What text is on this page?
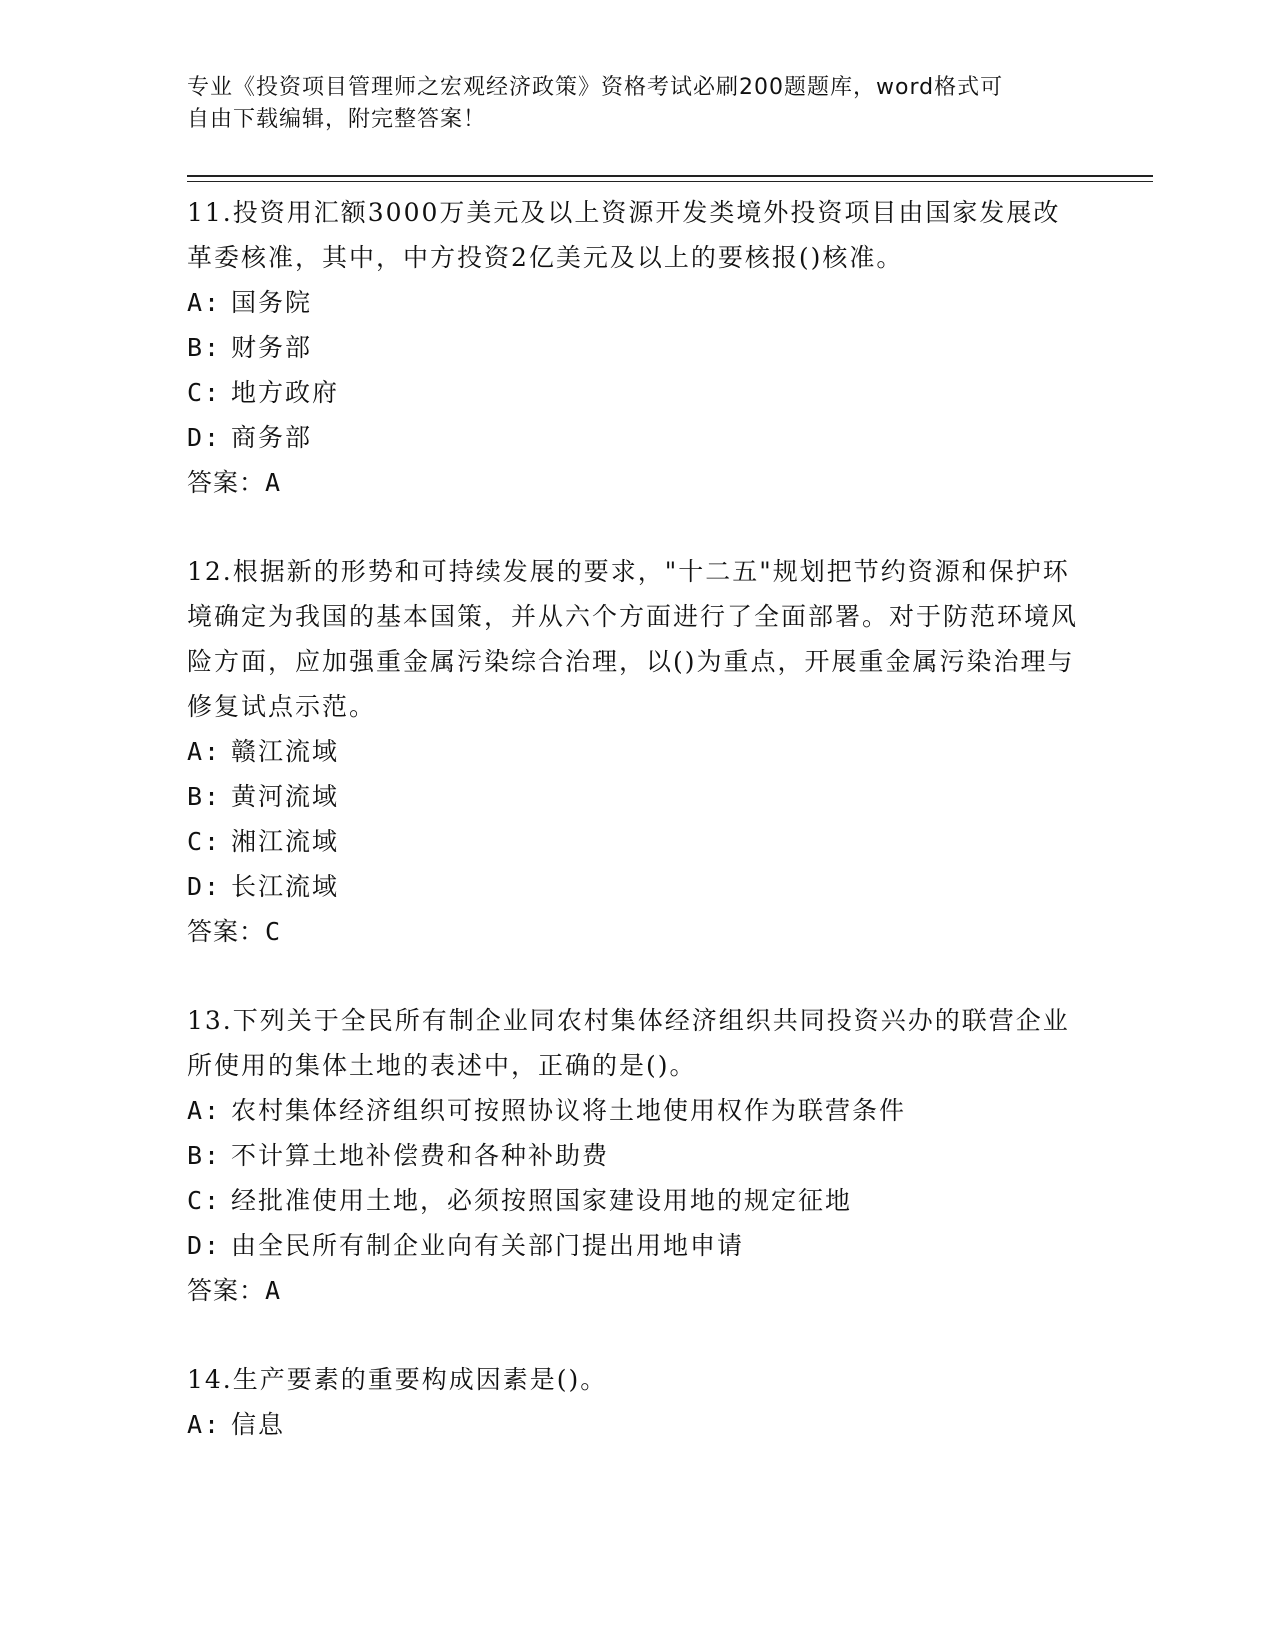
专业《投资项目管理师之宏观经济政策》资格考试必刷200题题库，word格式可
自由下载编辑，附完整答案！
11.投资用汇额3000万美元及以上资源开发类境外投资项目由国家发展改革委核准，其中，中方投资2亿美元及以上的要核报()核准。
A: 国务院
B: 财务部
C: 地方政府
D: 商务部
答案：A
12.根据新的形势和可持续发展的要求，"十二五"规划把节约资源和保护环境确定为我国的基本国策，并从六个方面进行了全面部署。对于防范环境风险方面，应加强重金属污染综合治理，以()为重点，开展重金属污染治理与修复试点示范。
A: 赣江流域
B: 黄河流域
C: 湘江流域
D: 长江流域
答案：C
13.下列关于全民所有制企业同农村集体经济组织共同投资兴办的联营企业所使用的集体土地的表述中，正确的是()。
A: 农村集体经济组织可按照协议将土地使用权作为联营条件
B: 不计算土地补偿费和各种补助费
C: 经批准使用土地，必须按照国家建设用地的规定征地
D: 由全民所有制企业向有关部门提出用地申请
答案：A
14.生产要素的重要构成因素是()。
A: 信息
